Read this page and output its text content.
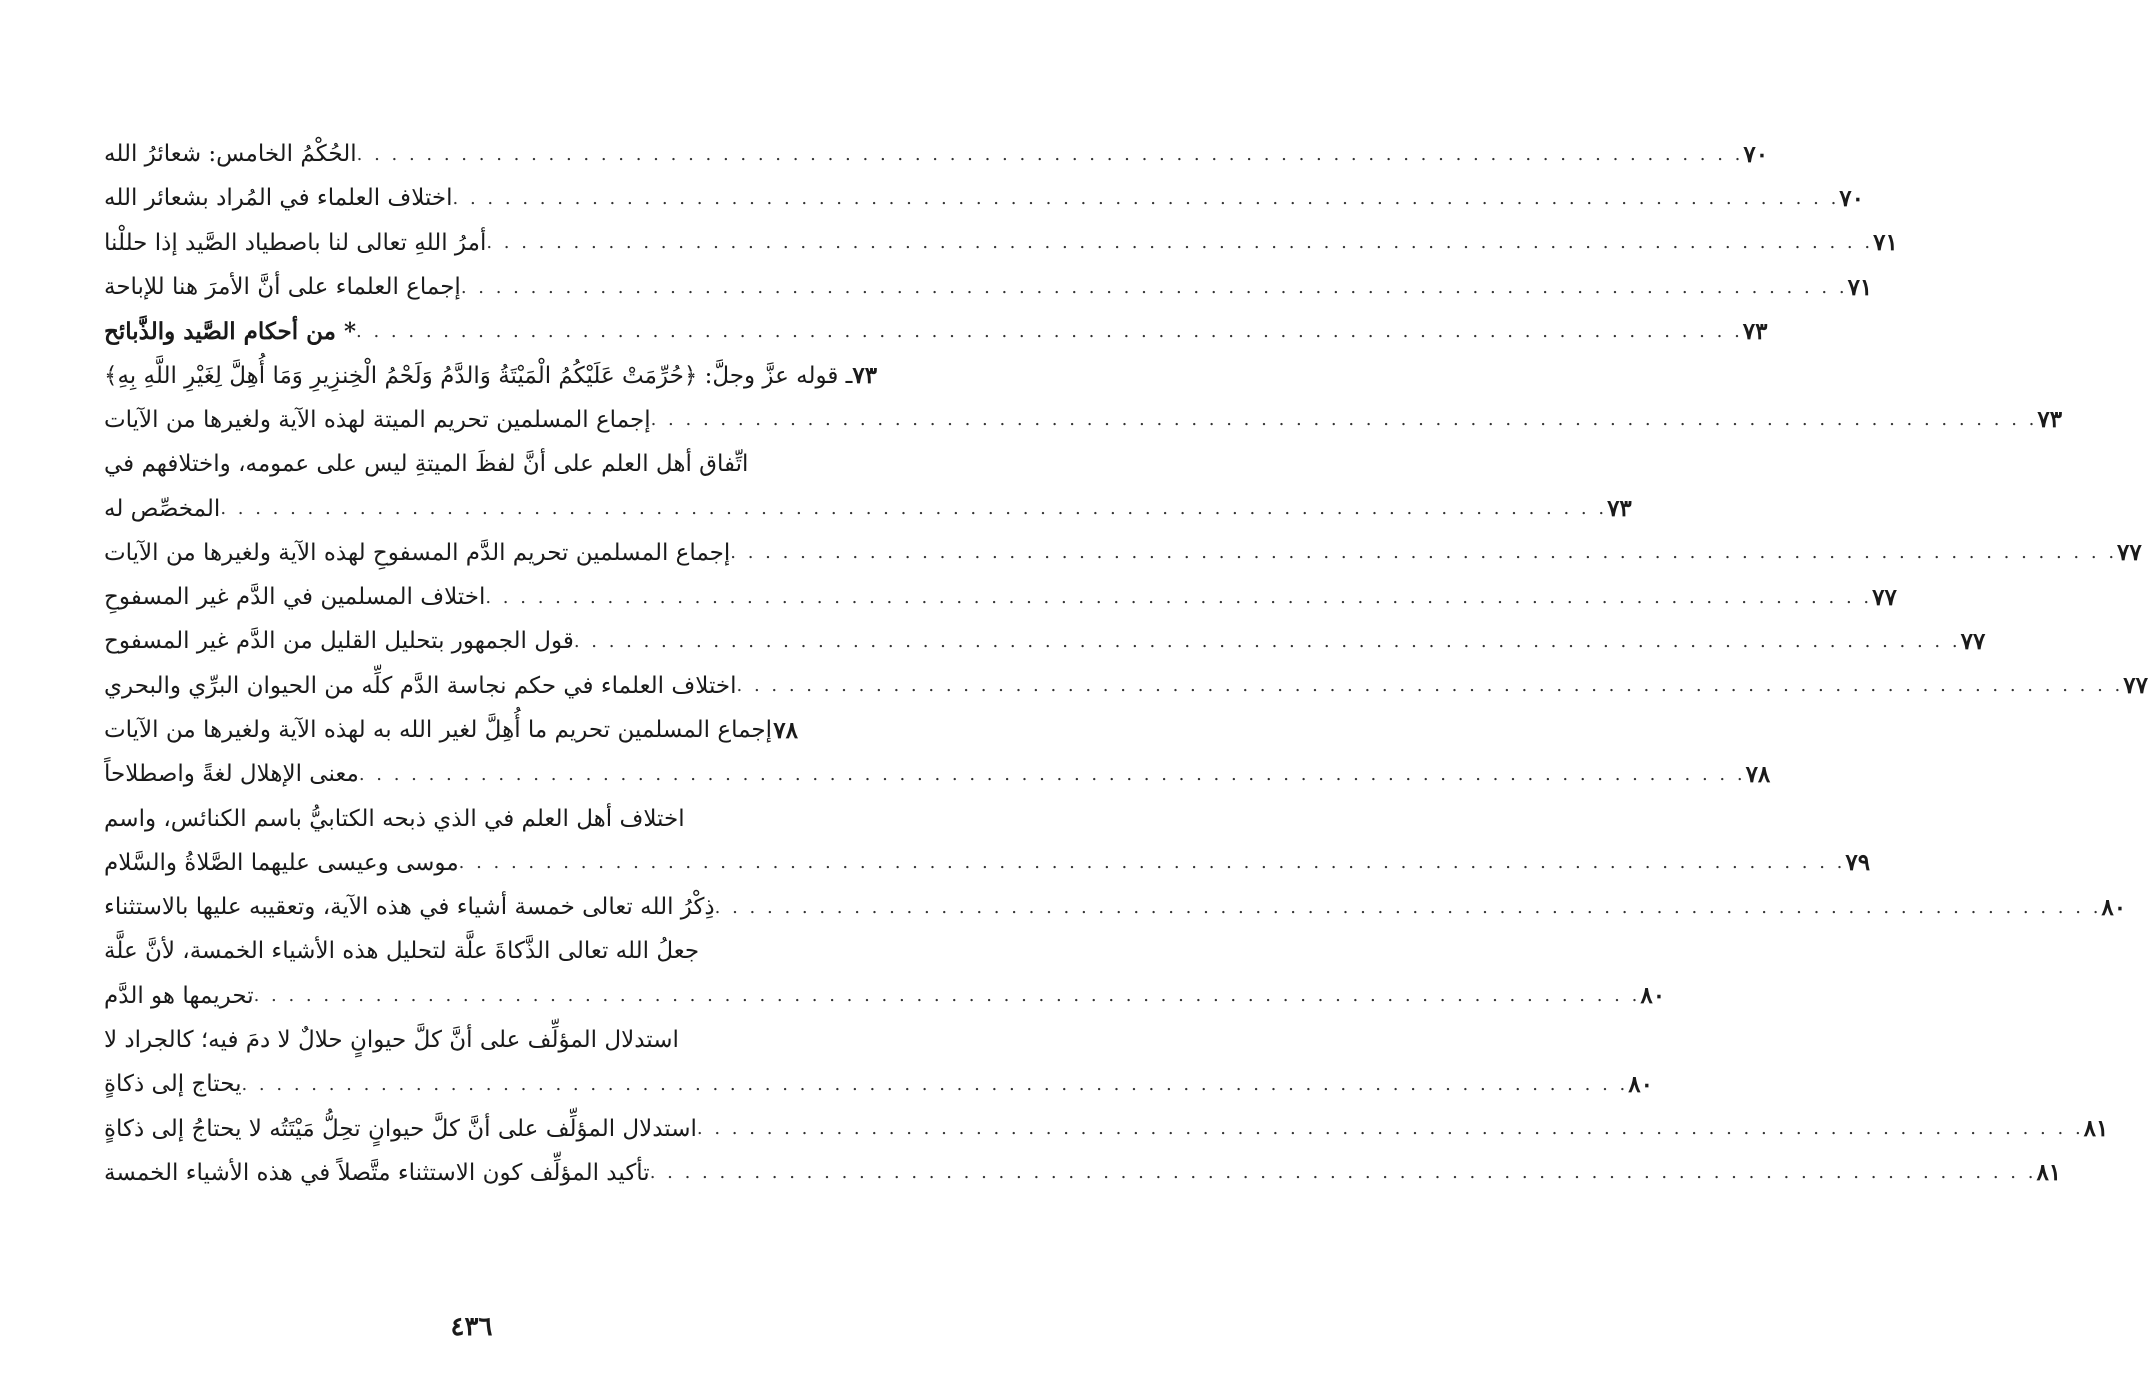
الحُكْمُ الخامس: شعائرُ الله . . . . . . . . . . . . . . . . . . . . . . . . . . . . . . . . . . . . . . . . . . . . . . . . . . . . . . . . . . . . . . . . . . . . . . . . . . . . . . . . ٧٠
اختلاف العلماء في المُراد بشعائر الله . . . . . . . . . . . . . . . . . . . . . . . . . . . . . . . . . . . . . . . . . . . . . . . . . . . . . . . . . . . . . . . . . . . . . . . . . . . . . . . . ٧٠
أمرُ اللهِ تعالى لنا باصطياد الصَّيد إذا حللْنا . . . . . . . . . . . . . . . . . . . . . . . . . . . . . . . . . . . . . . . . . . . . . . . . . . . . . . . . . . . . . . . . . . . . . . . . . . . . . . . . ٧١
إجماع العلماء على أنَّ الأمرَ هنا للإباحة . . . . . . . . . . . . . . . . . . . . . . . . . . . . . . . . . . . . . . . . . . . . . . . . . . . . . . . . . . . . . . . . . . . . . . . . . . . . . . . . ٧١
* من أحكام الصَّيد والذَّبائح . . . . . . . . . . . . . . . . . . . . . . . . . . . . . . . . . . . . . . . . . . . . . . . . . . . . . . . . . . . . . . . . . . . . . . . . . . . . . . . . ٧٣
ـ قوله عزَّ وجلَّ: ﴿حُرِّمَتْ عَلَيْكُمُ الْمَيْتَةُ وَالدَّمُ وَلَحْمُ الْخِنزِيرِ وَمَا أُهِلَّ لِغَيْرِ اللَّهِ بِهِ﴾ ٧٣
إجماع المسلمين تحريم الميتة لهذه الآية ولغيرها من الآيات . . . . . . . . . . . . . . . . . . . . . . . . . . . . . . . . . . . . . . . . . . . . . . . . . . . . . . . . . . . . . . . . . . . . . . . . . . . . . . . . ٧٣
اتِّفاق أهل العلم على أنَّ لفظَ الميتةِ ليس على عمومه، واختلافهم في
المخصِّص له . . . . . . . . . . . . . . . . . . . . . . . . . . . . . . . . . . . . . . . . . . . . . . . . . . . . . . . . . . . . . . . . . . . . . . . . . . . . . . . . ٧٣
إجماع المسلمين تحريم الدَّم المسفوحِ لهذه الآية ولغيرها من الآيات . . . . . . . . . . . . . . . . . . . . . . . . . . . . . . . . . . . . . . . . . . . . . . . . . . . . . . . . . . . . . . . . . . . . . . . . . . . . . . . . ٧٧
اختلاف المسلمين في الدَّم غير المسفوحِ . . . . . . . . . . . . . . . . . . . . . . . . . . . . . . . . . . . . . . . . . . . . . . . . . . . . . . . . . . . . . . . . . . . . . . . . . . . . . . . . ٧٧
قول الجمهور بتحليل القليل من الدَّم غير المسفوح . . . . . . . . . . . . . . . . . . . . . . . . . . . . . . . . . . . . . . . . . . . . . . . . . . . . . . . . . . . . . . . . . . . . . . . . . . . . . . . . ٧٧
اختلاف العلماء في حكم نجاسة الدَّم كلِّه من الحيوان البرِّي والبحري . . . . . . . . . . . . . . . . . . . . . . . . . . . . . . . . . . . . . . . . . . . . . . . . . . . . . . . . . . . . . . . . . . . . . . . . . . . . . . . . ٧٧
إجماع المسلمين تحريم ما أُهِلَّ لغير الله به لهذه الآية ولغيرها من الآيات ٧٨
معنى الإهلال لغةً واصطلاحاً . . . . . . . . . . . . . . . . . . . . . . . . . . . . . . . . . . . . . . . . . . . . . . . . . . . . . . . . . . . . . . . . . . . . . . . . . . . . . . . . ٧٨
اختلاف أهل العلم في الذي ذبحه الكتابيُّ باسم الكنائس، واسم
موسى وعيسى عليهما الصَّلاةُ والسَّلام . . . . . . . . . . . . . . . . . . . . . . . . . . . . . . . . . . . . . . . . . . . . . . . . . . . . . . . . . . . . . . . . . . . . . . . . . . . . . . . . ٧٩
ذِكْرُ الله تعالى خمسة أشياء في هذه الآية، وتعقيبه عليها بالاستثناء . . . . . . . . . . . . . . . . . . . . . . . . . . . . . . . . . . . . . . . . . . . . . . . . . . . . . . . . . . . . . . . . . . . . . . . . . . . . . . . . ٨٠
جعلُ الله تعالى الذَّكاةَ علَّة لتحليل هذه الأشياء الخمسة، لأنَّ علَّة
تحريمها هو الدَّم . . . . . . . . . . . . . . . . . . . . . . . . . . . . . . . . . . . . . . . . . . . . . . . . . . . . . . . . . . . . . . . . . . . . . . . . . . . . . . . . ٨٠
استدلال المؤلِّف على أنَّ كلَّ حيوانٍ حلالٌ لا دمَ فيه؛ كالجراد لا
يحتاج إلى ذكاةٍ . . . . . . . . . . . . . . . . . . . . . . . . . . . . . . . . . . . . . . . . . . . . . . . . . . . . . . . . . . . . . . . . . . . . . . . . . . . . . . . . ٨٠
استدلال المؤلِّف على أنَّ كلَّ حيوانٍ تحِلُّ مَيْتَتُه لا يحتاجُ إلى ذكاةٍ . . . . . . . . . . . . . . . . . . . . . . . . . . . . . . . . . . . . . . . . . . . . . . . . . . . . . . . . . . . . . . . . . . . . . . . . . . . . . . . . ٨١
تأكيد المؤلِّف كون الاستثناء متَّصلاً في هذه الأشياء الخمسة . . . . . . . . . . . . . . . . . . . . . . . . . . . . . . . . . . . . . . . . . . . . . . . . . . . . . . . . . . . . . . . . . . . . . . . . . . . . . . . . ٨١
٤٣٦
